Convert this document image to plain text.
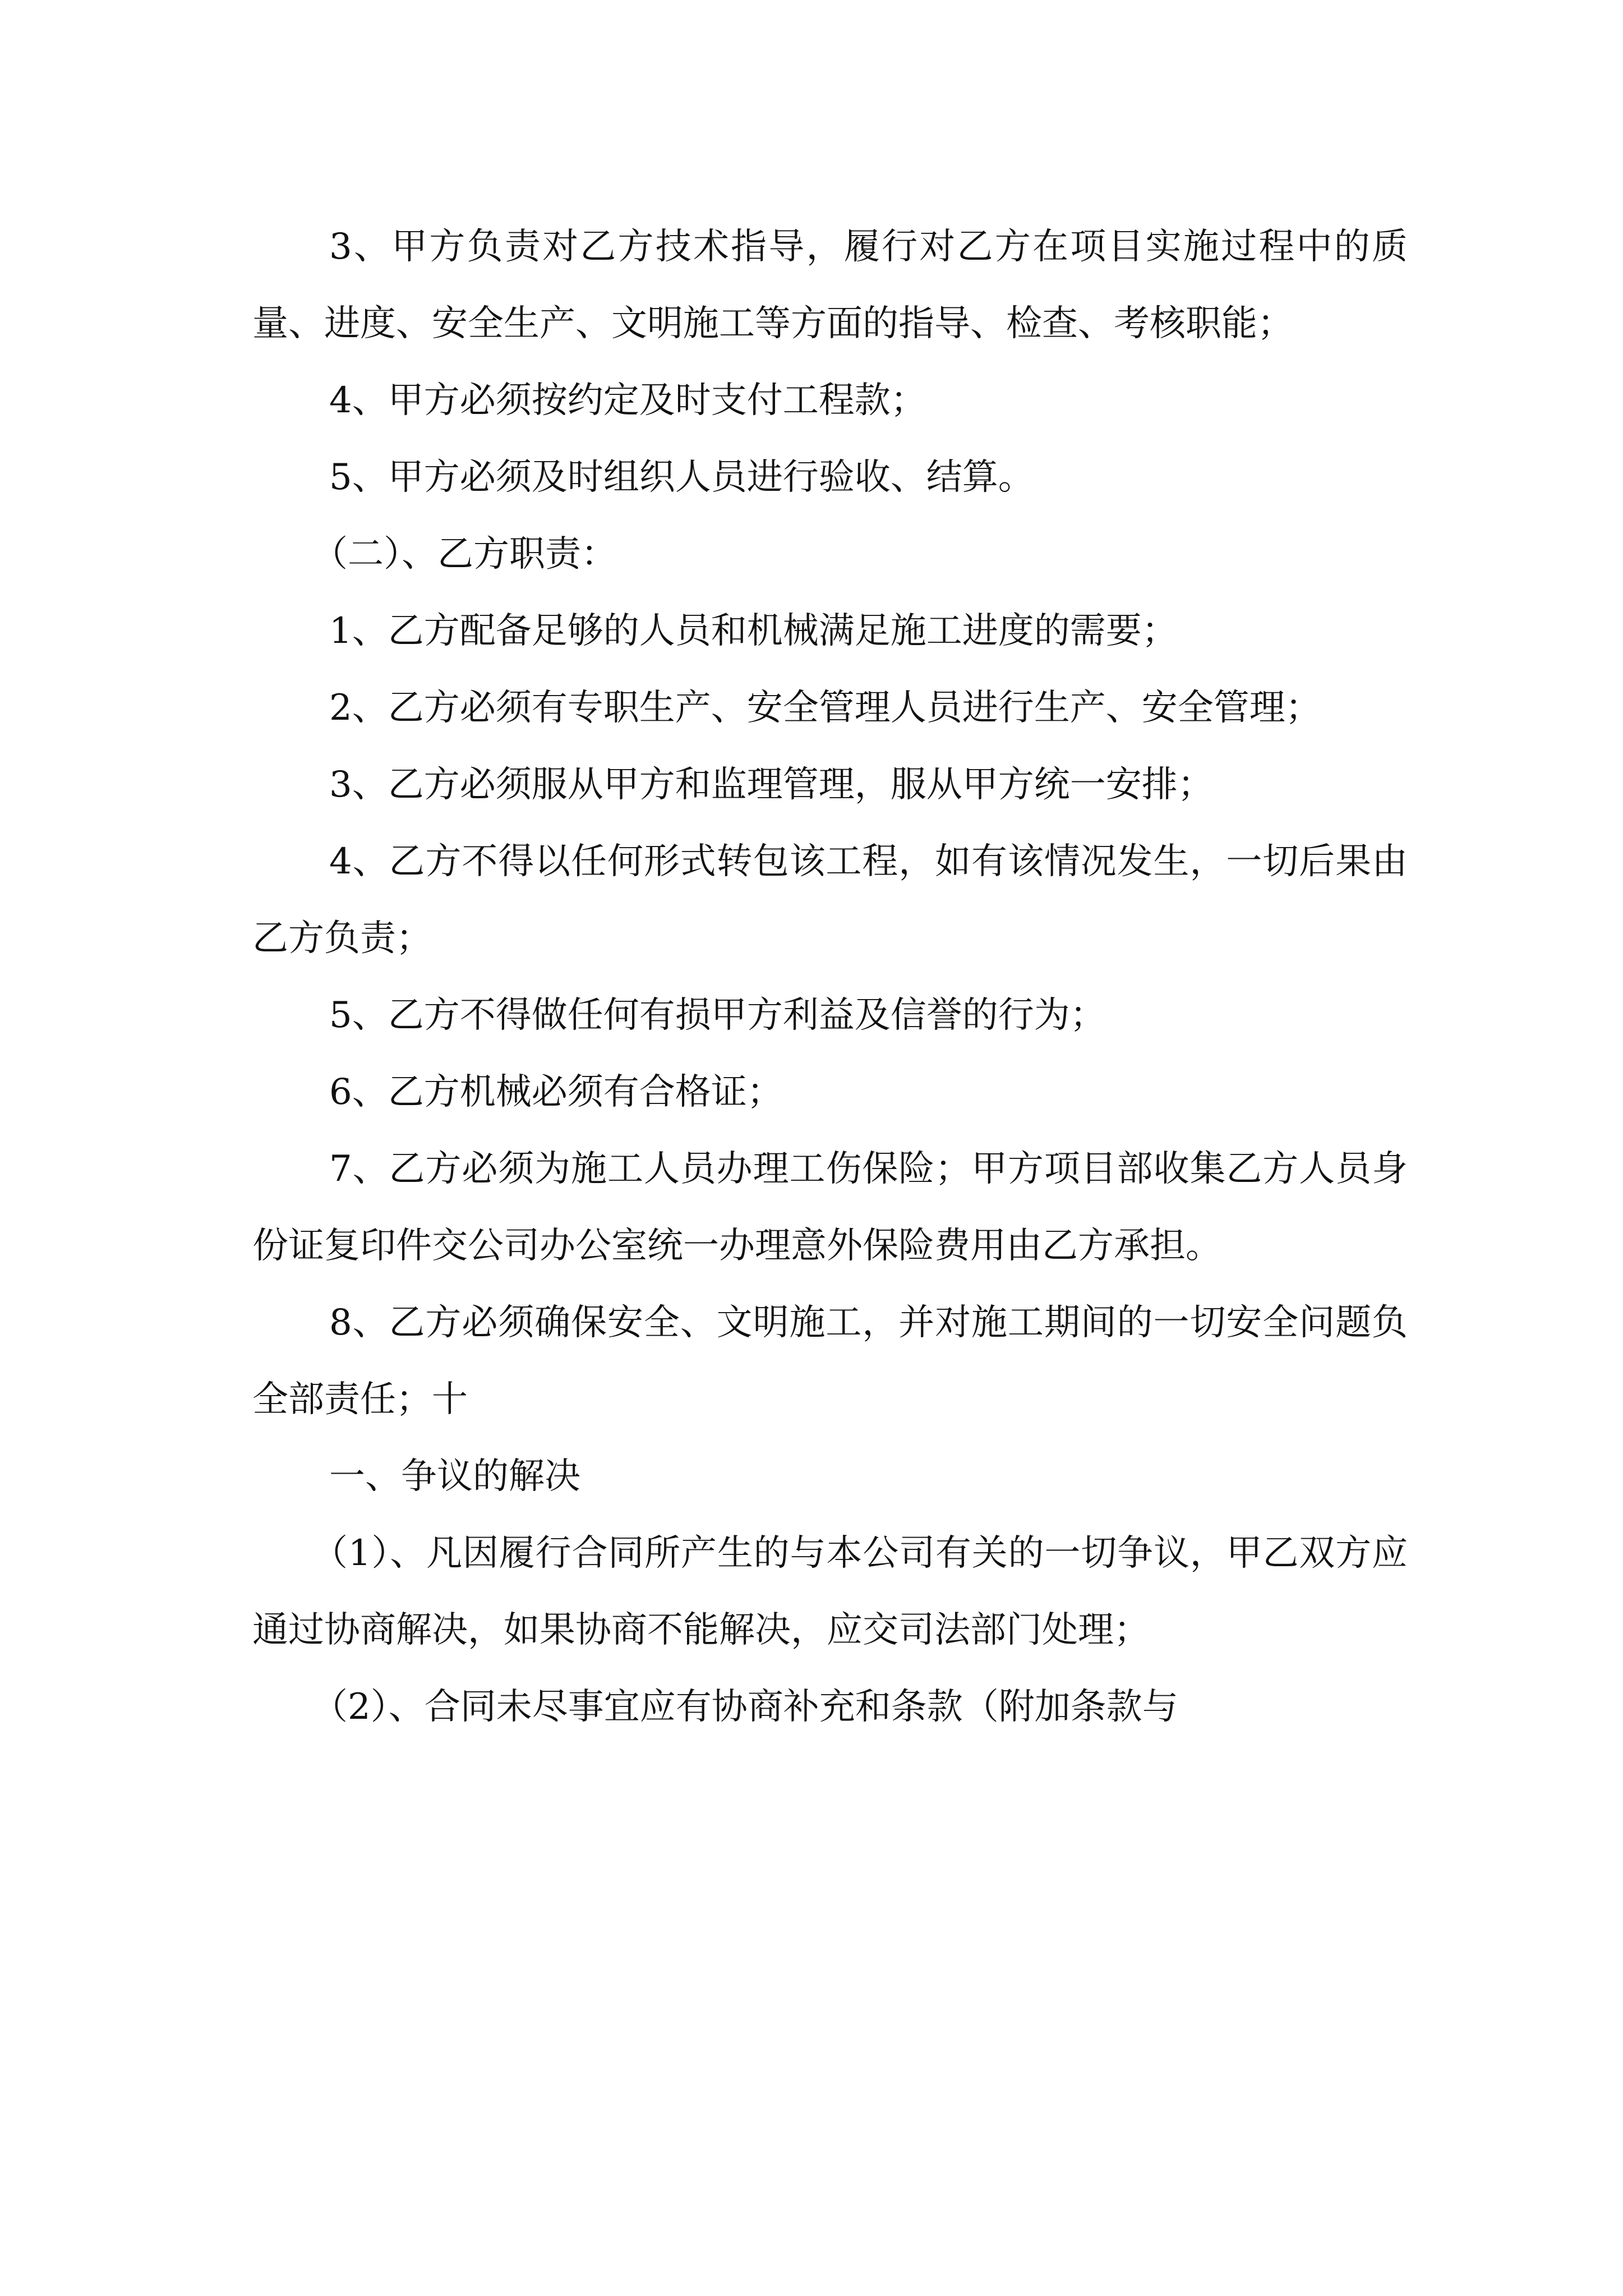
3、甲方负责对乙方技术指导，履行对乙方在项目实施过程中的质量、进度、安全生产、文明施工等方面的指导、检查、考核职能；

4、甲方必须按约定及时支付工程款；

5、甲方必须及时组织人员进行验收、结算。

（二）、乙方职责：

1、乙方配备足够的人员和机械满足施工进度的需要；

2、乙方必须有专职生产、安全管理人员进行生产、安全管理；

3、乙方必须服从甲方和监理管理，服从甲方统一安排；

4、乙方不得以任何形式转包该工程，如有该情况发生，一切后果由乙方负责；

5、乙方不得做任何有损甲方利益及信誉的行为；

6、乙方机械必须有合格证；

7、乙方必须为施工人员办理工伤保险；甲方项目部收集乙方人员身份证复印件交公司办公室统一办理意外保险费用由乙方承担。

8、乙方必须确保安全、文明施工，并对施工期间的一切安全问题负全部责任；十

一、争议的解决

（1）、凡因履行合同所产生的与本公司有关的一切争议，甲乙双方应通过协商解决，如果协商不能解决，应交司法部门处理；

（2）、合同未尽事宜应有协商补充和条款（附加条款与
